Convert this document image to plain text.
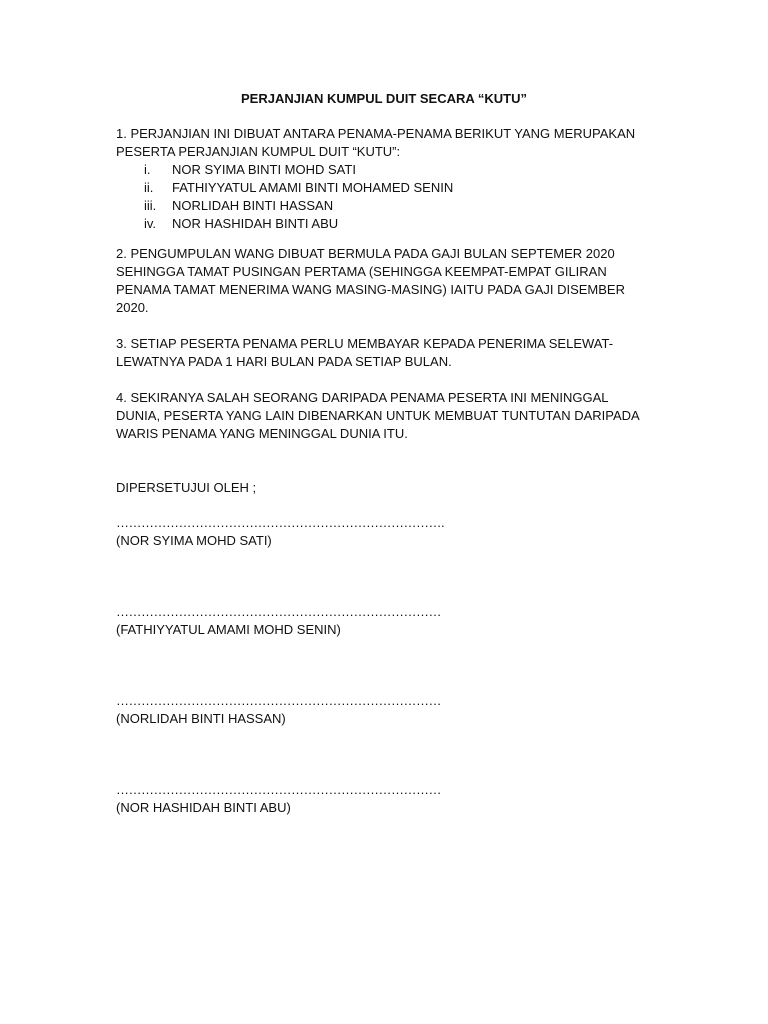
PERJANJIAN KUMPUL DUIT SECARA “KUTU”

1. PERJANJIAN INI DIBUAT ANTARA PENAMA-PENAMA BERIKUT YANG MERUPAKAN

PESERTA PERJANJIAN KUMPUL DUIT “KUTU”:

i.	NOR SYIMA BINTI MOHD SATI
ii.	FATHIYYATUL AMAMI BINTI MOHAMED SENIN
iii.	NORLIDAH BINTI HASSAN
iv.	NOR HASHIDAH BINTI ABU

2. PENGUMPULAN WANG DIBUAT BERMULA PADA GAJI BULAN SEPTEMER 2020

SEHINGGA TAMAT PUSINGAN PERTAMA (SEHINGGA KEEMPAT-EMPAT GILIRAN

PENAMA TAMAT MENERIMA WANG MASING-MASING) IAITU PADA GAJI DISEMBER

2020.

3. SETIAP PESERTA PENAMA PERLU MEMBAYAR KEPADA PENERIMA SELEWAT-

LEWATNYA PADA 1 HARI BULAN PADA SETIAP BULAN.

4. SEKIRANYA SALAH SEORANG DARIPADA PENAMA PESERTA INI MENINGGAL

DUNIA, PESERTA YANG LAIN DIBENARKAN UNTUK MEMBUAT TUNTUTAN DARIPADA

WARIS PENAMA YANG MENINGGAL DUNIA ITU.

DIPERSETUJUI OLEH ;

…………………………………………………………………….

(NOR SYIMA MOHD SATI)

……………………………………………………………………

(FATHIYYATUL AMAMI MOHD SENIN)

……………………………………………………………………

(NORLIDAH BINTI HASSAN)

……………………………………………………………………

(NOR HASHIDAH BINTI ABU)
